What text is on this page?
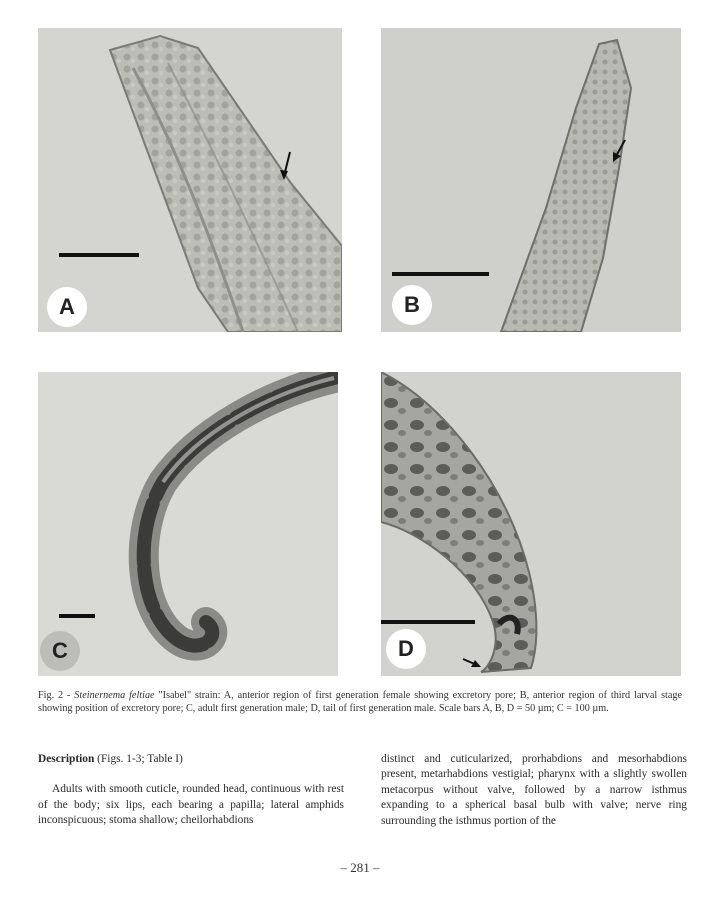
A	B
C	D
Fig. 2 - Steinernema feltiae "Isabel" strain: A, anterior region of first generation female showing excretory pore; B, anterior region of third larval stage showing position of excretory pore; C, adult first generation male; D, tail of first generation male. Scale bars A, B, D = 50 µm; C = 100 µm.
Description (Figs. 1-3; Table I)

Adults with smooth cuticle, rounded head, continuous with rest of the body; six lips, each bearing a papilla; lateral amphids inconspicuous; stoma shallow; cheilorhabdions

distinct and cuticularized, prorhabdions and mesorhabdions present, metarhabdions vestigial; pharynx with a slightly swollen metacorpus without valve, followed by a narrow isthmus expanding to a spherical basal bulb with valve; nerve ring surrounding the isthmus portion of the

– 281 –
